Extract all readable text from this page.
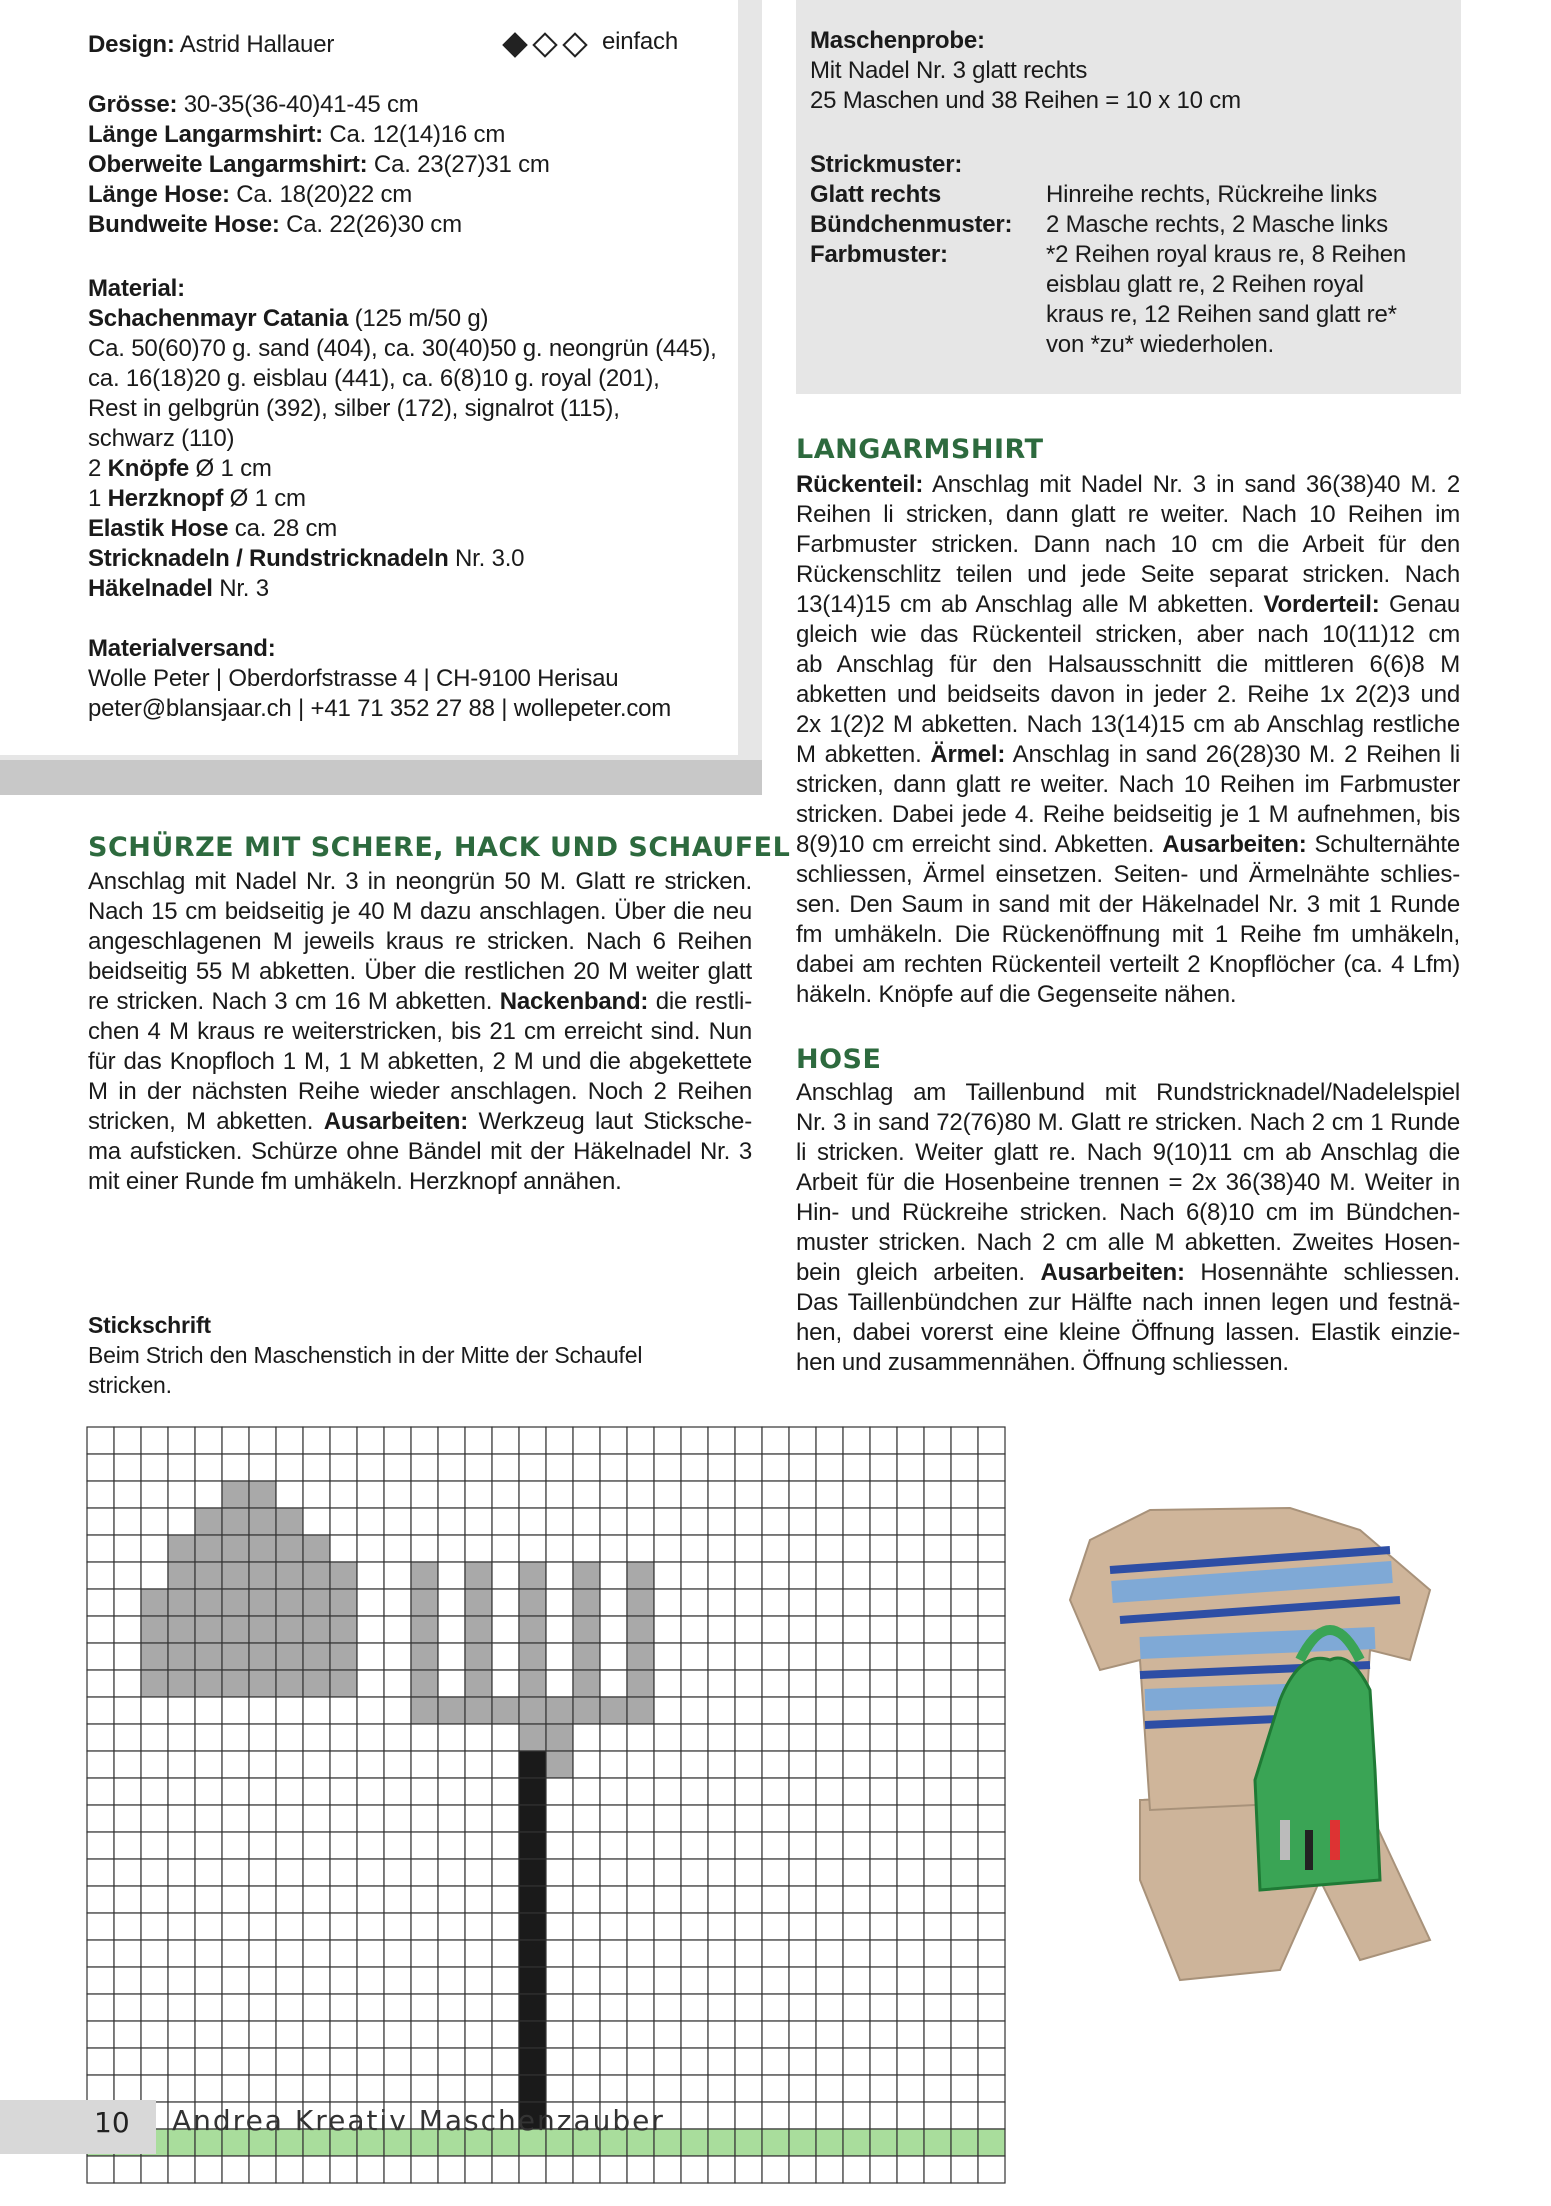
Design: Astrid Hallauer	einfach
Grösse: 30-35(36-40)41-45 cm
Länge Langarmshirt: Ca. 12(14)16 cm
Oberweite Langarmshirt: Ca. 23(27)31 cm
Länge Hose: Ca. 18(20)22 cm
Bundweite Hose: Ca. 22(26)30 cm
Material:
Schachenmayr Catania (125 m/50 g)
Ca. 50(60)70 g. sand (404), ca. 30(40)50 g. neongrün (445),
ca. 16(18)20 g. eisblau (441), ca. 6(8)10 g. royal (201),
Rest in gelbgrün (392), silber (172), signalrot (115),
schwarz (110)
2 Knöpfe Ø 1 cm
1 Herzknopf Ø 1 cm
Elastik Hose ca. 28 cm
Stricknadeln / Rundstricknadeln Nr. 3.0
Häkelnadel Nr. 3
Materialversand:
Wolle Peter | Oberdorfstrasse 4 | CH-9100 Herisau
peter@blansjaar.ch | +41 71 352 27 88 | wollepeter.com
Maschenprobe:
Mit Nadel Nr. 3 glatt rechts
25 Maschen und 38 Reihen = 10 x 10 cm
Strickmuster:
Glatt rechts	Hinreihe rechts, Rückreihe links
Bündchenmuster: 2 Masche rechts, 2 Masche links
Farbmuster:	*2 Reihen royal kraus re, 8 Reihen
eisblau glatt re, 2 Reihen royal
kraus re, 12 Reihen sand glatt re*
von *zu* wiederholen.
SCHÜRZE MIT SCHERE, HACK UND SCHAUFEL
Anschlag mit Nadel Nr. 3 in neongrün 50 M. Glatt re stricken.
Nach 15 cm beidseitig je 40 M dazu anschlagen. Über die neu
angeschlagenen M jeweils kraus re stricken. Nach 6 Reihen
beidseitig 55 M abketten. Über die restlichen 20 M weiter glatt
re stricken. Nach 3 cm 16 M abketten. Nackenband: die restli-
chen 4 M kraus re weiterstricken, bis 21 cm erreicht sind. Nun
für das Knopfloch 1 M, 1 M abketten, 2 M und die abgekettete
M in der nächsten Reihe wieder anschlagen. Noch 2 Reihen
stricken, M abketten. Ausarbeiten: Werkzeug laut Sticksche-
ma aufsticken. Schürze ohne Bändel mit der Häkelnadel Nr. 3
mit einer Runde fm umhäkeln. Herzknopf annähen.
Stickschrift
Beim Strich den Maschenstich in der Mitte der Schaufel
stricken.
LANGARMSHIRT
Rückenteil: Anschlag mit Nadel Nr. 3 in sand 36(38)40 M. 2
Reihen li stricken, dann glatt re weiter. Nach 10 Reihen im
Farbmuster stricken. Dann nach 10 cm die Arbeit für den
Rückenschlitz teilen und jede Seite separat stricken. Nach
13(14)15 cm ab Anschlag alle M abketten. Vorderteil: Genau
gleich wie das Rückenteil stricken, aber nach 10(11)12 cm
ab Anschlag für den Halsausschnitt die mittleren 6(6)8 M
abketten und beidseits davon in jeder 2. Reihe 1x 2(2)3 und
2x 1(2)2 M abketten. Nach 13(14)15 cm ab Anschlag restliche
M abketten. Ärmel: Anschlag in sand 26(28)30 M. 2 Reihen li
stricken, dann glatt re weiter. Nach 10 Reihen im Farbmuster
stricken. Dabei jede 4. Reihe beidseitig je 1 M aufnehmen, bis
8(9)10 cm erreicht sind. Abketten. Ausarbeiten: Schulternähte
schliessen, Ärmel einsetzen. Seiten- und Ärmelnähte schlies-
sen. Den Saum in sand mit der Häkelnadel Nr. 3 mit 1 Runde
fm umhäkeln. Die Rückenöffnung mit 1 Reihe fm umhäkeln,
dabei am rechten Rückenteil verteilt 2 Knopflöcher (ca. 4 Lfm)
häkeln. Knöpfe auf die Gegenseite nähen.
HOSE
Anschlag am Taillenbund mit Rundstricknadel/Nadelelspiel
Nr. 3 in sand 72(76)80 M. Glatt re stricken. Nach 2 cm 1 Runde
li stricken. Weiter glatt re. Nach 9(10)11 cm ab Anschlag die
Arbeit für die Hosenbeine trennen = 2x 36(38)40 M. Weiter in
Hin- und Rückreihe stricken. Nach 6(8)10 cm im Bündchen-
muster stricken. Nach 2 cm alle M abketten. Zweites Hosen-
bein gleich arbeiten. Ausarbeiten: Hosennähte schliessen.
Das Taillenbündchen zur Hälfte nach innen legen und festnä-
hen, dabei vorerst eine kleine Öffnung lassen. Elastik einzie-
hen und zusammennähen. Öffnung schliessen.
10 Andrea Kreativ Maschenzauber
